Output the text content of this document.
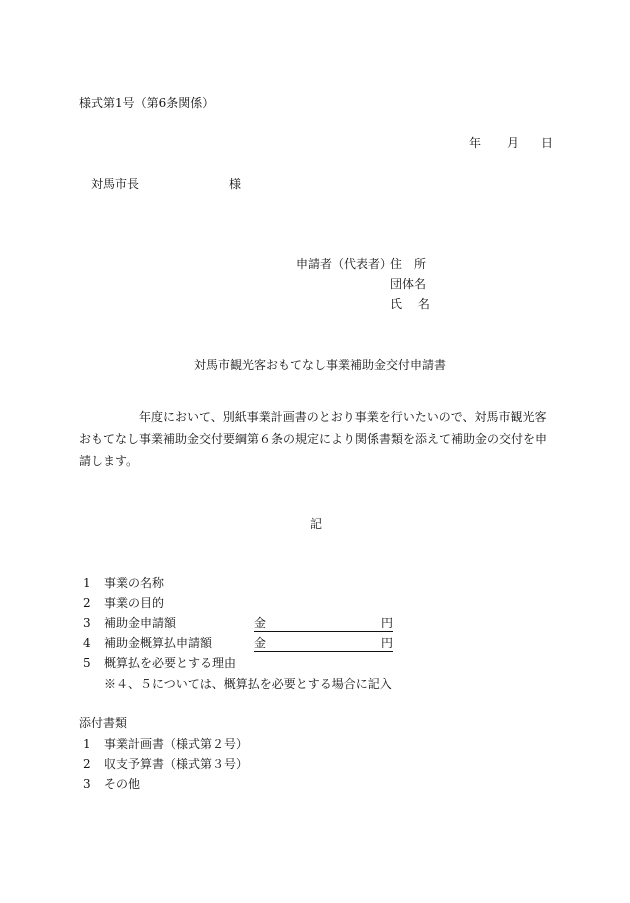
様式第1号（第6条関係）
年 月 日
対馬市長	様
申請者（代表者）
住　所
団体名
氏　 名
対馬市観光客おもてなし事業補助金交付申請書
年度において、別紙事業計画書のとおり事業を行いたいので、対馬市観光客おもてなし事業補助金交付要綱第６条の規定により関係書類を添えて補助金の交付を申請します。
記
1 事業の名称
2 事業の目的
3 補助金申請額	金	円
4 補助金概算払申請額	金	円
5 概算払を必要とする理由
※４、５については、概算払を必要とする場合に記入
添付書類
1 事業計画書（様式第２号）
2 収支予算書（様式第３号）
3 その他
